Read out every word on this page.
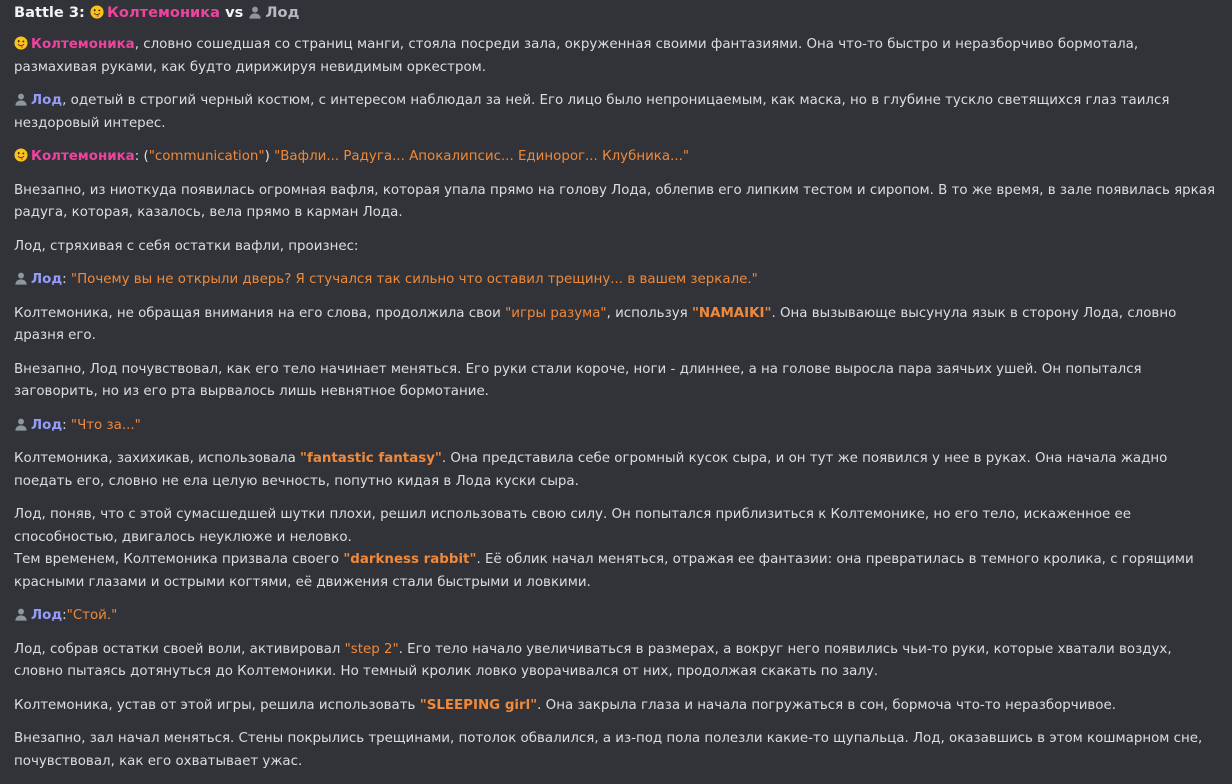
Battle 3: Колтемоника vs Лод

Колтемоника, словно сошедшая со страниц манги, стояла посреди зала, окруженная своими фантазиями. Она что-то быстро и неразборчиво бормотала, размахивая руками, как будто дирижируя невидимым оркестром.

Лод, одетый в строгий черный костюм, с интересом наблюдал за ней. Его лицо было непроницаемым, как маска, но в глубине тускло светящихся глаз таился нездоровый интерес.

Колтемоника: ("communication") "Вафли... Радуга... Апокалипсис... Единорог... Клубника..."

Внезапно, из ниоткуда появилась огромная вафля, которая упала прямо на голову Лода, облепив его липким тестом и сиропом. В то же время, в зале появилась яркая радуга, которая, казалось, вела прямо в карман Лода.

Лод, стряхивая с себя остатки вафли, произнес:

Лод: "Почему вы не открыли дверь? Я стучался так сильно что оставил трещину... в вашем зеркале."

Колтемоника, не обращая внимания на его слова, продолжила свои "игры разума", используя "NAMAIKI". Она вызывающе высунула язык в сторону Лода, словно дразня его.

Внезапно, Лод почувствовал, как его тело начинает меняться. Его руки стали короче, ноги - длиннее, а на голове выросла пара заячьих ушей. Он попытался заговорить, но из его рта вырвалось лишь невнятное бормотание.

Лод: "Что за..."

Колтемоника, захихикав, использовала "fantastic fantasy". Она представила себе огромный кусок сыра, и он тут же появился у нее в руках. Она начала жадно поедать его, словно не ела целую вечность, попутно кидая в Лода куски сыра.

Лод, поняв, что с этой сумасшедшей шутки плохи, решил использовать свою силу. Он попытался приблизиться к Колтемонике, но его тело, искаженное ее способностью, двигалось неуклюже и неловко.

Тем временем, Колтемоника призвала своего "darkness rabbit". Её облик начал меняться, отражая ее фантазии: она превратилась в темного кролика, с горящими красными глазами и острыми когтями, её движения стали быстрыми и ловкими.

Лод:"Стой."

Лод, собрав остатки своей воли, активировал "step 2". Его тело начало увеличиваться в размерах, а вокруг него появились чьи-то руки, которые хватали воздух, словно пытаясь дотянуться до Колтемоники. Но темный кролик ловко уворачивался от них, продолжая скакать по залу.

Колтемоника, устав от этой игры, решила использовать "SLEEPING girl". Она закрыла глаза и начала погружаться в сон, бормоча что-то неразборчивое.

Внезапно, зал начал меняться. Стены покрылись трещинами, потолок обвалился, а из-под пола полезли какие-то щупальца. Лод, оказавшись в этом кошмарном сне, почувствовал, как его охватывает ужас.
